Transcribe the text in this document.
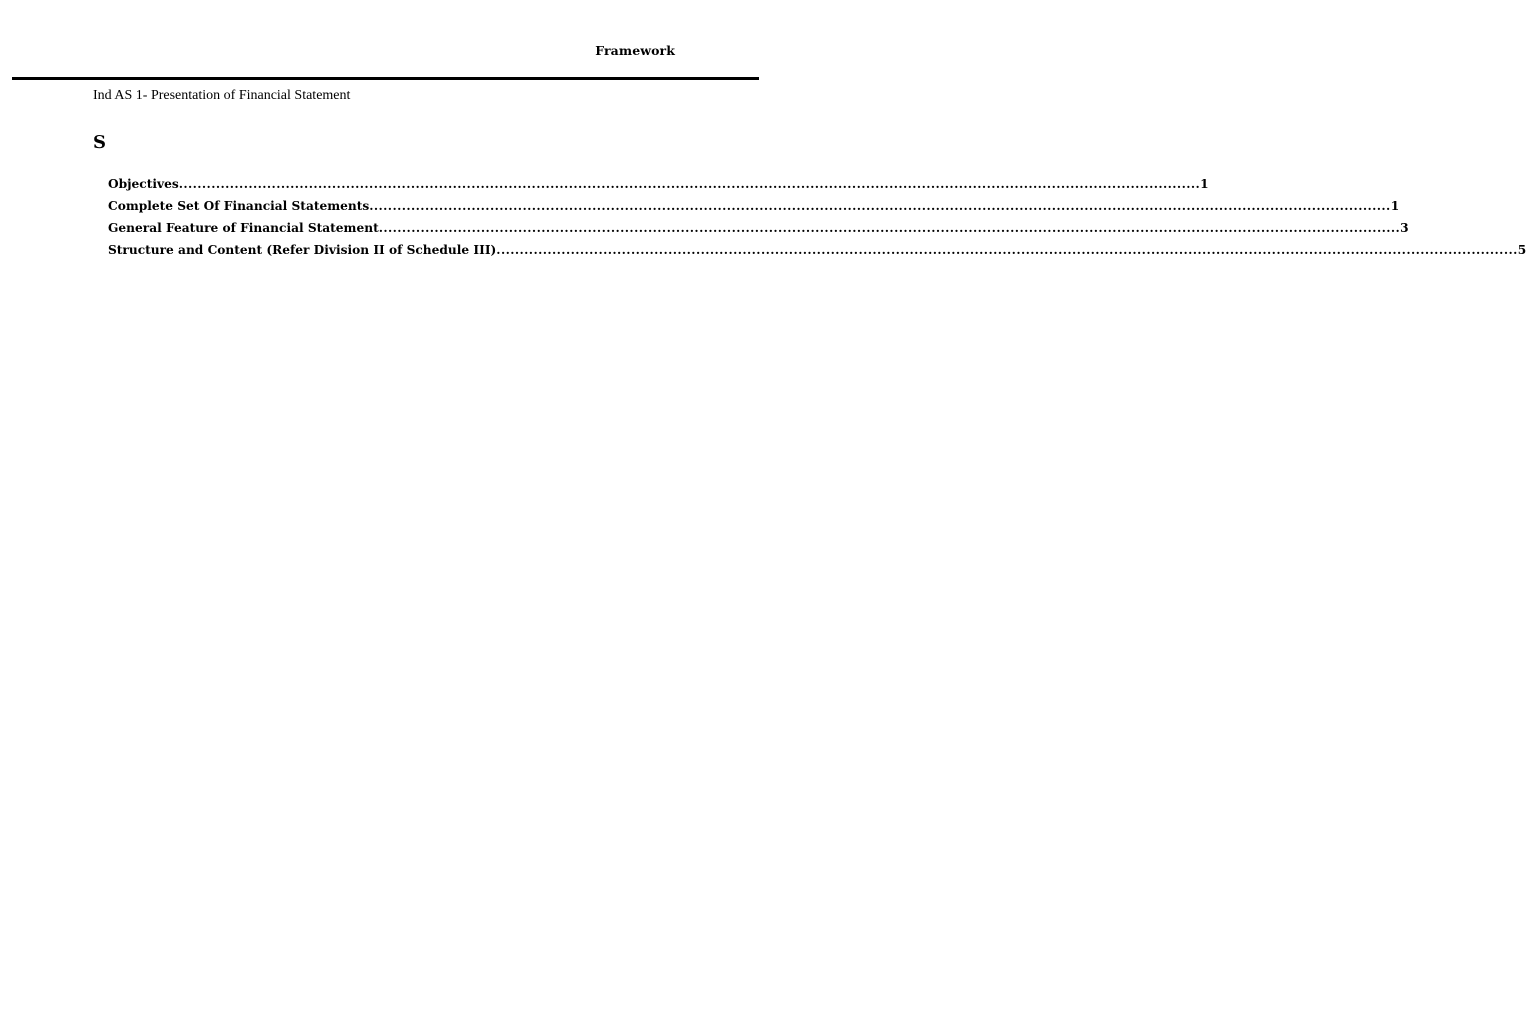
Framework
Ind AS 1- Presentation of Financial Statement
S
Objectives ............................................................................................................................................................................................................................ 1
Complete Set Of Financial Statements ............................................................................................................................................................................................................................ 1
General Feature of Financial Statement ............................................................................................................................................................................................................................ 3
Structure and Content (Refer Division II of Schedule III) ............................................................................................................................................................................................................................ 5
